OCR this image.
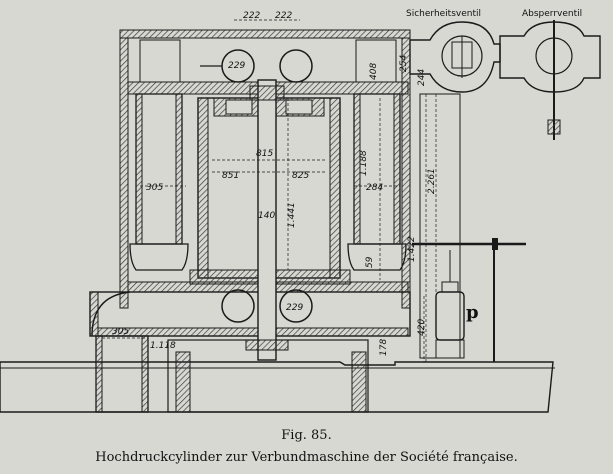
222 222
229
229
815
851	825
305	284
140 1.441
1.188
1.422
2.261
408 254
244
59
420
178
305
1.118
Sicherheitsventil	Absperrventil
p
Fig. 85.
Hochdruckcylinder zur Verbundmaschine der Société française.
